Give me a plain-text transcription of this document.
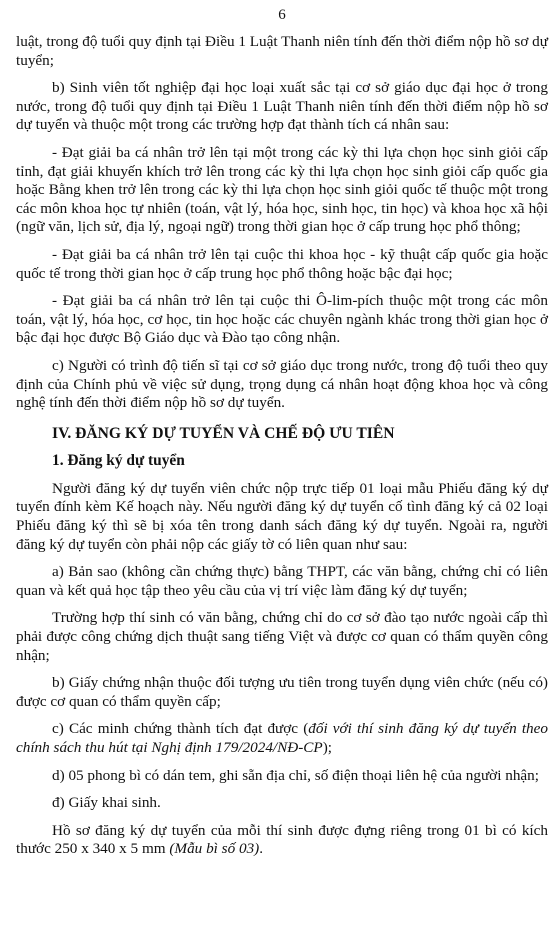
6

luật, trong độ tuổi quy định tại Điều 1 Luật Thanh niên tính đến thời điểm nộp hồ sơ dự tuyển;

b) Sinh viên tốt nghiệp đại học loại xuất sắc tại cơ sở giáo dục đại học ở trong nước, trong độ tuổi quy định tại Điều 1 Luật Thanh niên tính đến thời điểm nộp hồ sơ dự tuyển và thuộc một trong các trường hợp đạt thành tích cá nhân sau:

- Đạt giải ba cá nhân trở lên tại một trong các kỳ thi lựa chọn học sinh giỏi cấp tỉnh, đạt giải khuyến khích trở lên trong các kỳ thi lựa chọn học sinh giỏi cấp quốc gia hoặc Bằng khen trở lên trong các kỳ thi lựa chọn học sinh giỏi quốc tế thuộc một trong các môn khoa học tự nhiên (toán, vật lý, hóa học, sinh học, tin học) và khoa học xã hội (ngữ văn, lịch sử, địa lý, ngoại ngữ) trong thời gian học ở cấp trung học phổ thông;

- Đạt giải ba cá nhân trở lên tại cuộc thi khoa học - kỹ thuật cấp quốc gia hoặc quốc tế trong thời gian học ở cấp trung học phổ thông hoặc bậc đại học;

- Đạt giải ba cá nhân trở lên tại cuộc thi Ô-lim-pích thuộc một trong các môn toán, vật lý, hóa học, cơ học, tin học hoặc các chuyên ngành khác trong thời gian học ở bậc đại học được Bộ Giáo dục và Đào tạo công nhận.

c) Người có trình độ tiến sĩ tại cơ sở giáo dục trong nước, trong độ tuổi theo quy định của Chính phủ về việc sử dụng, trọng dụng cá nhân hoạt động khoa học và công nghệ tính đến thời điểm nộp hồ sơ dự tuyển.

IV. ĐĂNG KÝ DỰ TUYỂN VÀ CHẾ ĐỘ ƯU TIÊN

1. Đăng ký dự tuyển

Người đăng ký dự tuyển viên chức nộp trực tiếp 01 loại mẫu Phiếu đăng ký dự tuyển đính kèm Kế hoạch này. Nếu người đăng ký dự tuyển cố tình đăng ký cả 02 loại Phiếu đăng ký thì sẽ bị xóa tên trong danh sách đăng ký dự tuyển. Ngoài ra, người đăng ký dự tuyển còn phải nộp các giấy tờ có liên quan như sau:

a) Bản sao (không cần chứng thực) bằng THPT, các văn bằng, chứng chỉ có liên quan và kết quả học tập theo yêu cầu của vị trí việc làm đăng ký dự tuyển;

Trường hợp thí sinh có văn bằng, chứng chỉ do cơ sở đào tạo nước ngoài cấp thì phải được công chứng dịch thuật sang tiếng Việt và được cơ quan có thẩm quyền công nhận;

b) Giấy chứng nhận thuộc đối tượng ưu tiên trong tuyển dụng viên chức (nếu có) được cơ quan có thẩm quyền cấp;

c) Các minh chứng thành tích đạt được (đối với thí sinh đăng ký dự tuyển theo chính sách thu hút tại Nghị định 179/2024/NĐ-CP);

d) 05 phong bì có dán tem, ghi sẵn địa chỉ, số điện thoại liên hệ của người nhận;

đ) Giấy khai sinh.

Hồ sơ đăng ký dự tuyển của mỗi thí sinh được đựng riêng trong 01 bì có kích thước 250 x 340 x 5 mm (Mẫu bì số 03).
